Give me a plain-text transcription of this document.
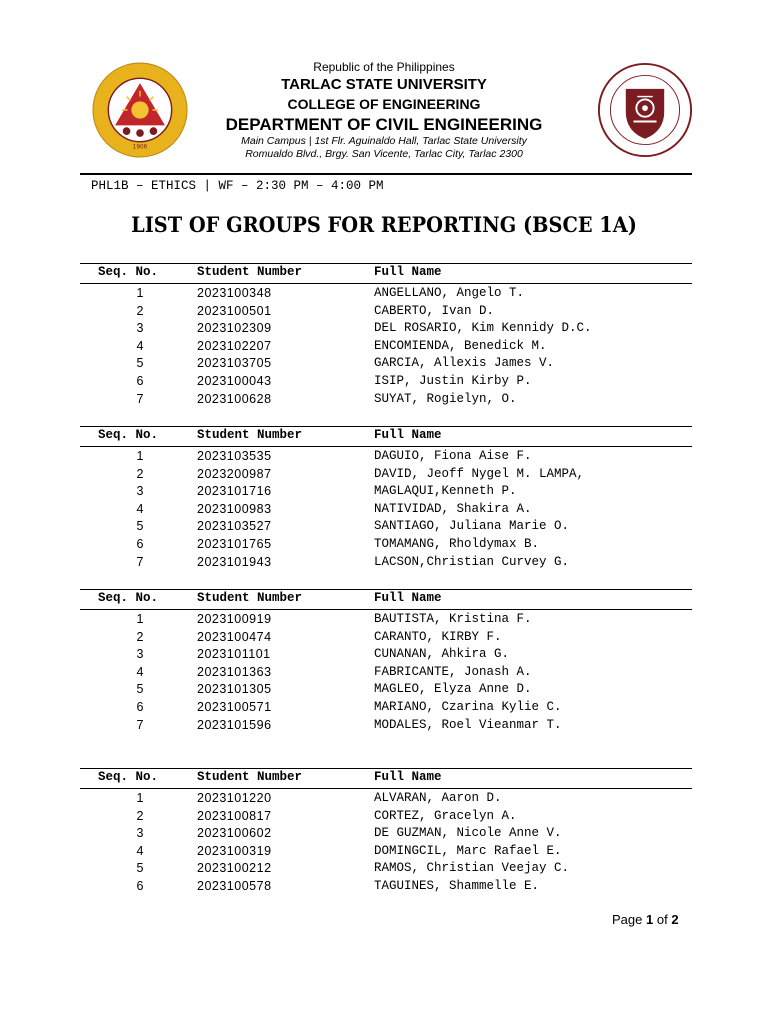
1906
Republic of the Philippines
TARLAC STATE UNIVERSITY
COLLEGE OF ENGINEERING
DEPARTMENT OF CIVIL ENGINEERING
Main Campus | 1st Flr. Aguinaldo Hall, Tarlac State University
Romualdo Blvd., Brgy. San Vicente, Tarlac City, Tarlac 2300
PHL1B – ETHICS | WF – 2:30 PM – 4:00 PM
LIST OF GROUPS FOR REPORTING (BSCE 1A)
Seq. No.	Student Number	Full Name
1	2023100348	ANGELLANO, Angelo T.
2	2023100501	CABERTO, Ivan D.
3	2023102309	DEL ROSARIO, Kim Kennidy D.C.
4	2023102207	ENCOMIENDA, Benedick M.
5	2023103705	GARCIA, Allexis James V.
6	2023100043	ISIP, Justin Kirby P.
7	2023100628	SUYAT, Rogielyn, O.
Seq. No.	Student Number	Full Name
1	2023103535	DAGUIO, Fiona Aise F.
2	2023200987	DAVID, Jeoff Nygel M. LAMPA,
3	2023101716	MAGLAQUI,Kenneth P.
4	2023100983	NATIVIDAD, Shakira A.
5	2023103527	SANTIAGO, Juliana Marie O.
6	2023101765	TOMAMANG, Rholdymax B.
7	2023101943	LACSON,Christian Curvey G.
Seq. No.	Student Number	Full Name
1	2023100919	BAUTISTA, Kristina F.
2	2023100474	CARANTO, KIRBY F.
3	2023101101	CUNANAN, Ahkira G.
4	2023101363	FABRICANTE, Jonash A.
5	2023101305	MAGLEO, Elyza Anne D.
6	2023100571	MARIANO, Czarina Kylie C.
7	2023101596	MODALES, Roel Vieanmar T.
Seq. No.	Student Number	Full Name
1	2023101220	ALVARAN, Aaron D.
2	2023100817	CORTEZ, Gracelyn A.
3	2023100602	DE GUZMAN, Nicole Anne V.
4	2023100319	DOMINGCIL, Marc Rafael E.
5	2023100212	RAMOS, Christian Veejay C.
6	2023100578	TAGUINES, Shammelle E.
Page 1 of 2
